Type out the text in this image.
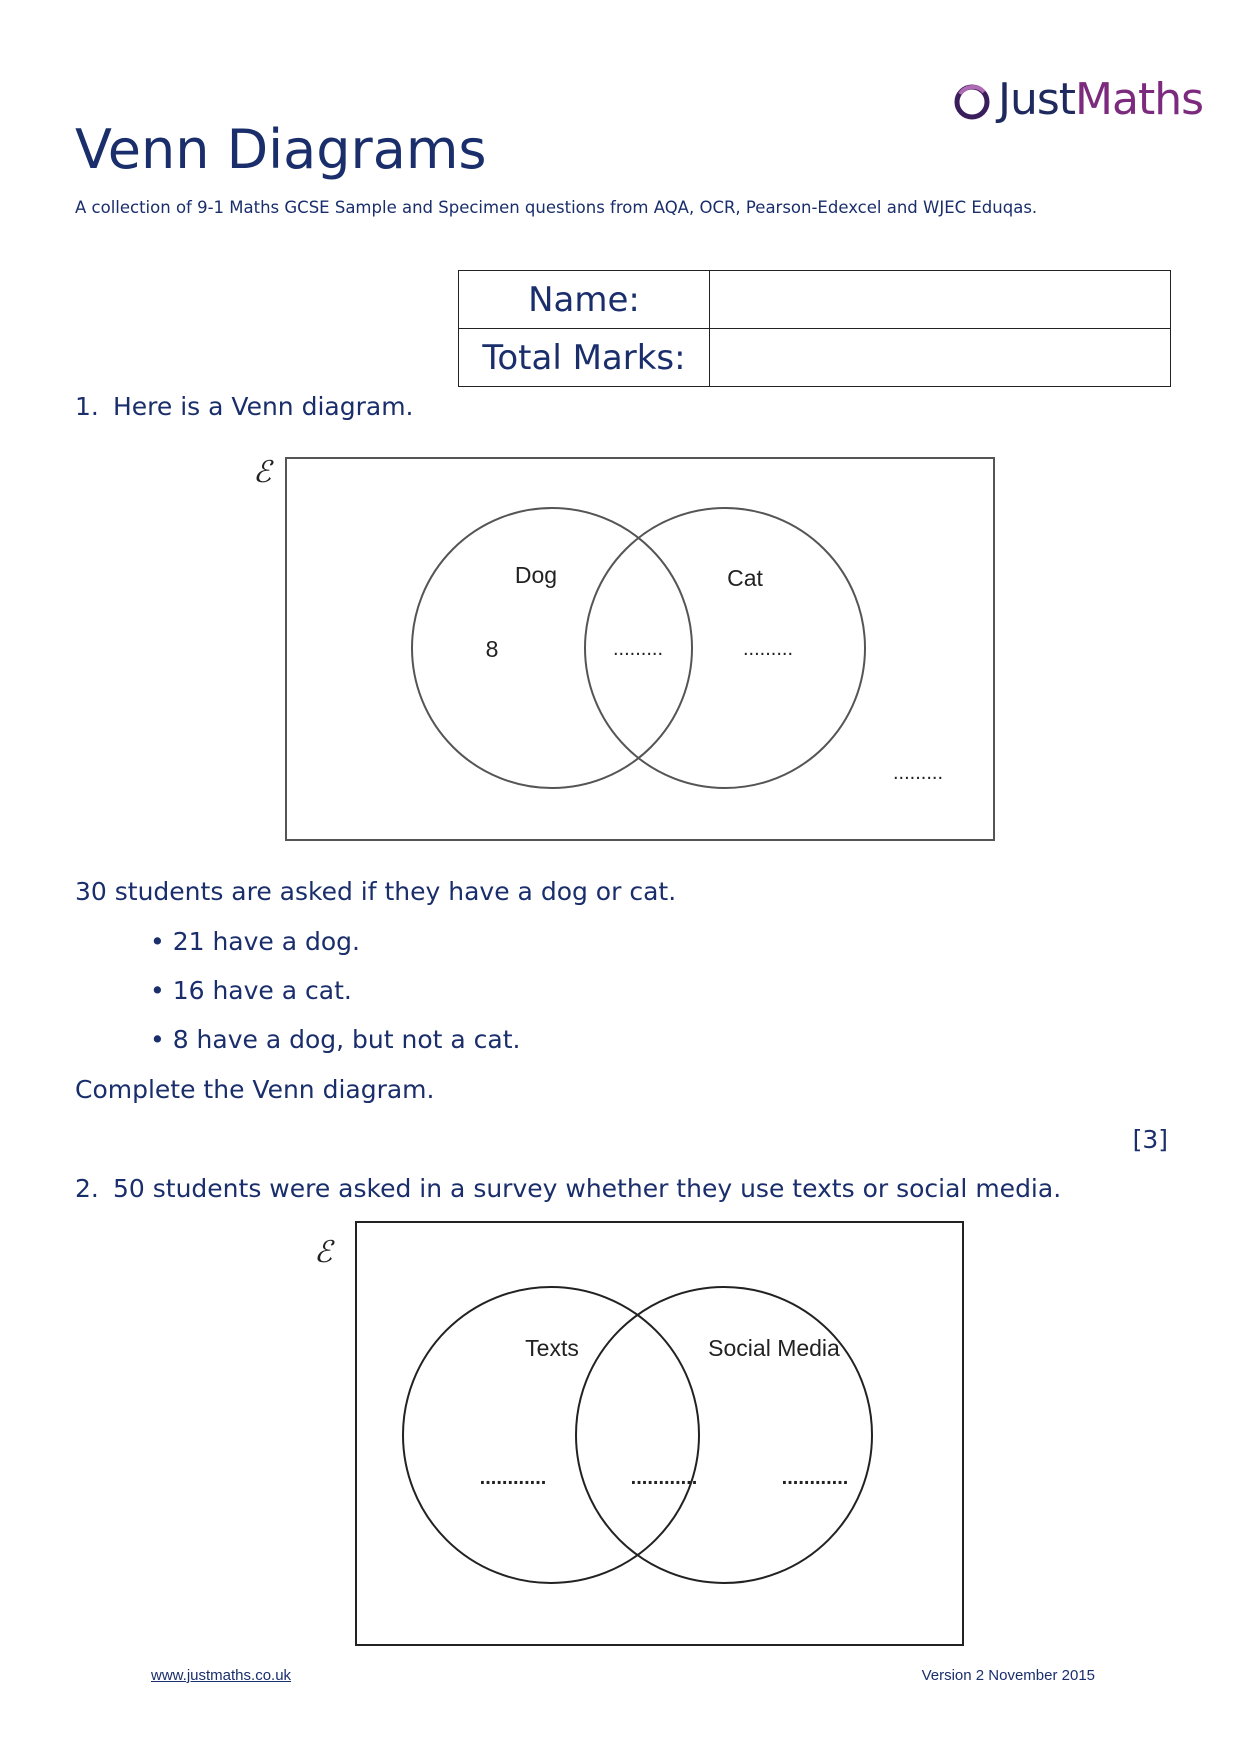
JustMaths
Venn Diagrams
A collection of 9-1 Maths GCSE Sample and Specimen questions from AQA, OCR, Pearson-Edexcel and WJEC Eduqas.
Name:	
Total Marks:	
1. Here is a Venn diagram.
ℰ
Dog	Cat
8	.........	.........
.........
30 students are asked if they have a dog or cat.
• 21 have a dog.
• 16 have a cat.
• 8 have a dog, but not a cat.
Complete the Venn diagram.
[3]
2. 50 students were asked in a survey whether they use texts or social media.
ℰ
Texts	Social Media
............	............	............
www.justmaths.co.uk	Version 2 November 2015
